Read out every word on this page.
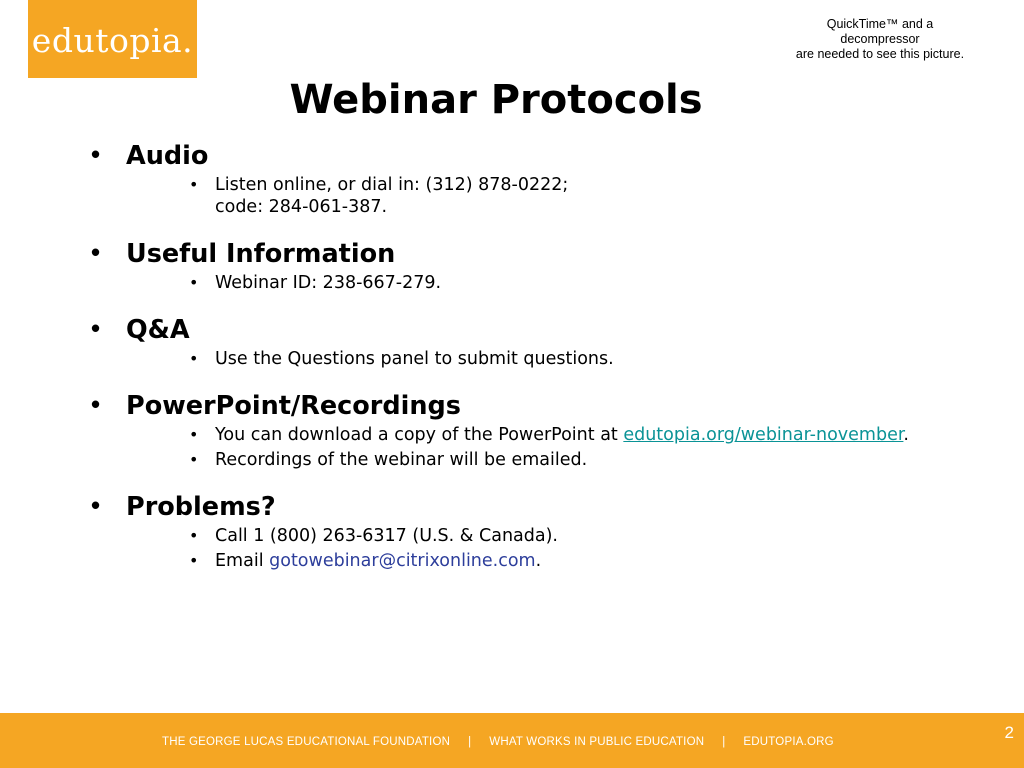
edutopia.	QuickTime™ and a
decompressor
are needed to see this picture.
Webinar Protocols
• Audio
• Listen online, or dial in: (312) 878-0222;
code: 284-061-387.
• Useful Information
• Webinar ID: 238-667-279.
• Q&A
• Use the Questions panel to submit questions.
• PowerPoint/Recordings
• You can download a copy of the PowerPoint at edutopia.org/webinar-november.
• Recordings of the webinar will be emailed.
• Problems?
• Call 1 (800) 263-6317 (U.S. & Canada).
• Email gotowebinar@citrixonline.com.
THE GEORGE LUCAS EDUCATIONAL FOUNDATION | WHAT WORKS IN PUBLIC EDUCATION | EDUTOPIA.ORG	2
